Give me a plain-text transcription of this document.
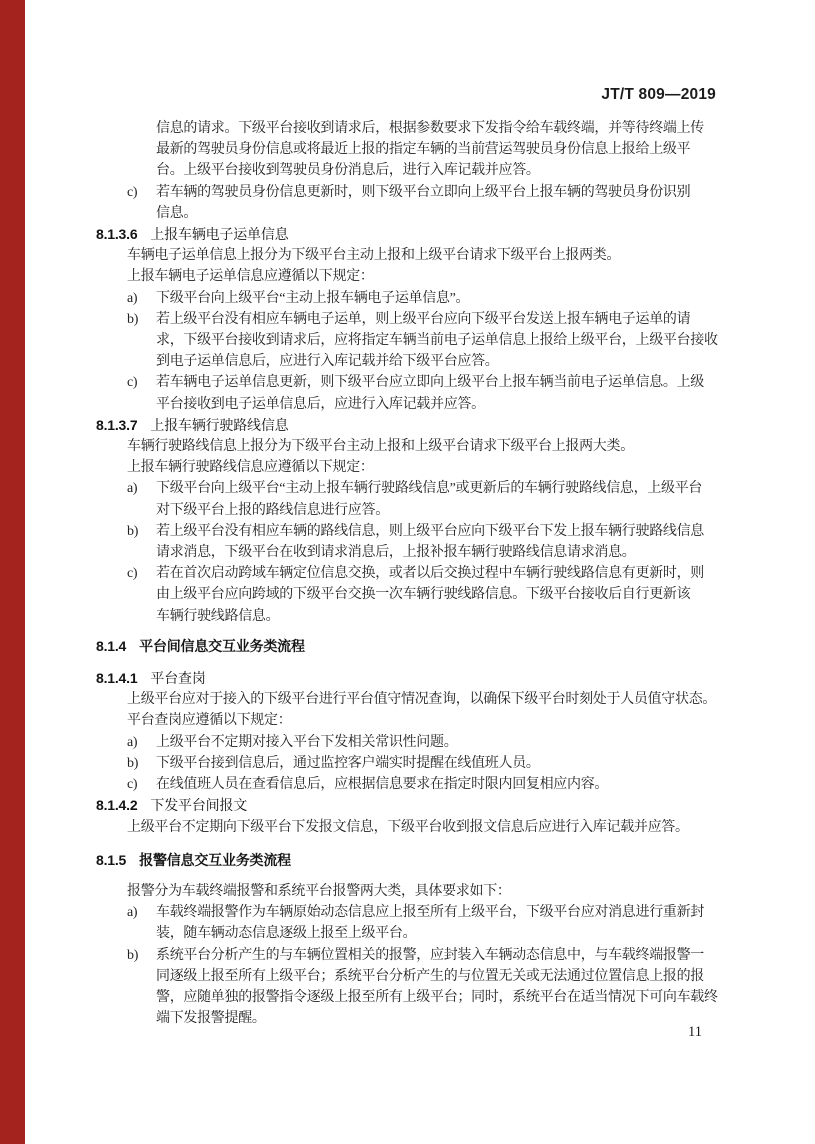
JT/T 809—2019
信息的请求。下级平台接收到请求后，根据参数要求下发指令给车载终端，并等待终端上传
最新的驾驶员身份信息或将最近上报的指定车辆的当前营运驾驶员身份信息上报给上级平
台。上级平台接收到驾驶员身份消息后，进行入库记载并应答。
c) 若车辆的驾驶员身份信息更新时，则下级平台立即向上级平台上报车辆的驾驶员身份识别
信息。
8.1.3.6 上报车辆电子运单信息
车辆电子运单信息上报分为下级平台主动上报和上级平台请求下级平台上报两类。
上报车辆电子运单信息应遵循以下规定：
a) 下级平台向上级平台“主动上报车辆电子运单信息”。
b) 若上级平台没有相应车辆电子运单，则上级平台应向下级平台发送上报车辆电子运单的请
求，下级平台接收到请求后，应将指定车辆当前电子运单信息上报给上级平台，上级平台接收
到电子运单信息后，应进行入库记载并给下级平台应答。
c) 若车辆电子运单信息更新，则下级平台应立即向上级平台上报车辆当前电子运单信息。上级
平台接收到电子运单信息后，应进行入库记载并应答。
8.1.3.7 上报车辆行驶路线信息
车辆行驶路线信息上报分为下级平台主动上报和上级平台请求下级平台上报两大类。
上报车辆行驶路线信息应遵循以下规定：
a) 下级平台向上级平台“主动上报车辆行驶路线信息”或更新后的车辆行驶路线信息，上级平台
对下级平台上报的路线信息进行应答。
b) 若上级平台没有相应车辆的路线信息，则上级平台应向下级平台下发上报车辆行驶路线信息
请求消息，下级平台在收到请求消息后，上报补报车辆行驶路线信息请求消息。
c) 若在首次启动跨域车辆定位信息交换，或者以后交换过程中车辆行驶线路信息有更新时，则
由上级平台应向跨域的下级平台交换一次车辆行驶线路信息。下级平台接收后自行更新该
车辆行驶线路信息。
8.1.4 平台间信息交互业务类流程
8.1.4.1 平台查岗
上级平台应对于接入的下级平台进行平台值守情况查询，以确保下级平台时刻处于人员值守状态。
平台查岗应遵循以下规定：
a) 上级平台不定期对接入平台下发相关常识性问题。
b) 下级平台接到信息后，通过监控客户端实时提醒在线值班人员。
c) 在线值班人员在查看信息后，应根据信息要求在指定时限内回复相应内容。
8.1.4.2 下发平台间报文
上级平台不定期向下级平台下发报文信息，下级平台收到报文信息后应进行入库记载并应答。
8.1.5 报警信息交互业务类流程
报警分为车载终端报警和系统平台报警两大类，具体要求如下：
a) 车载终端报警作为车辆原始动态信息应上报至所有上级平台，下级平台应对消息进行重新封
装，随车辆动态信息逐级上报至上级平台。
b) 系统平台分析产生的与车辆位置相关的报警，应封装入车辆动态信息中，与车载终端报警一
同逐级上报至所有上级平台；系统平台分析产生的与位置无关或无法通过位置信息上报的报
警，应随单独的报警指令逐级上报至所有上级平台；同时，系统平台在适当情况下可向车载终
端下发报警提醒。
11
